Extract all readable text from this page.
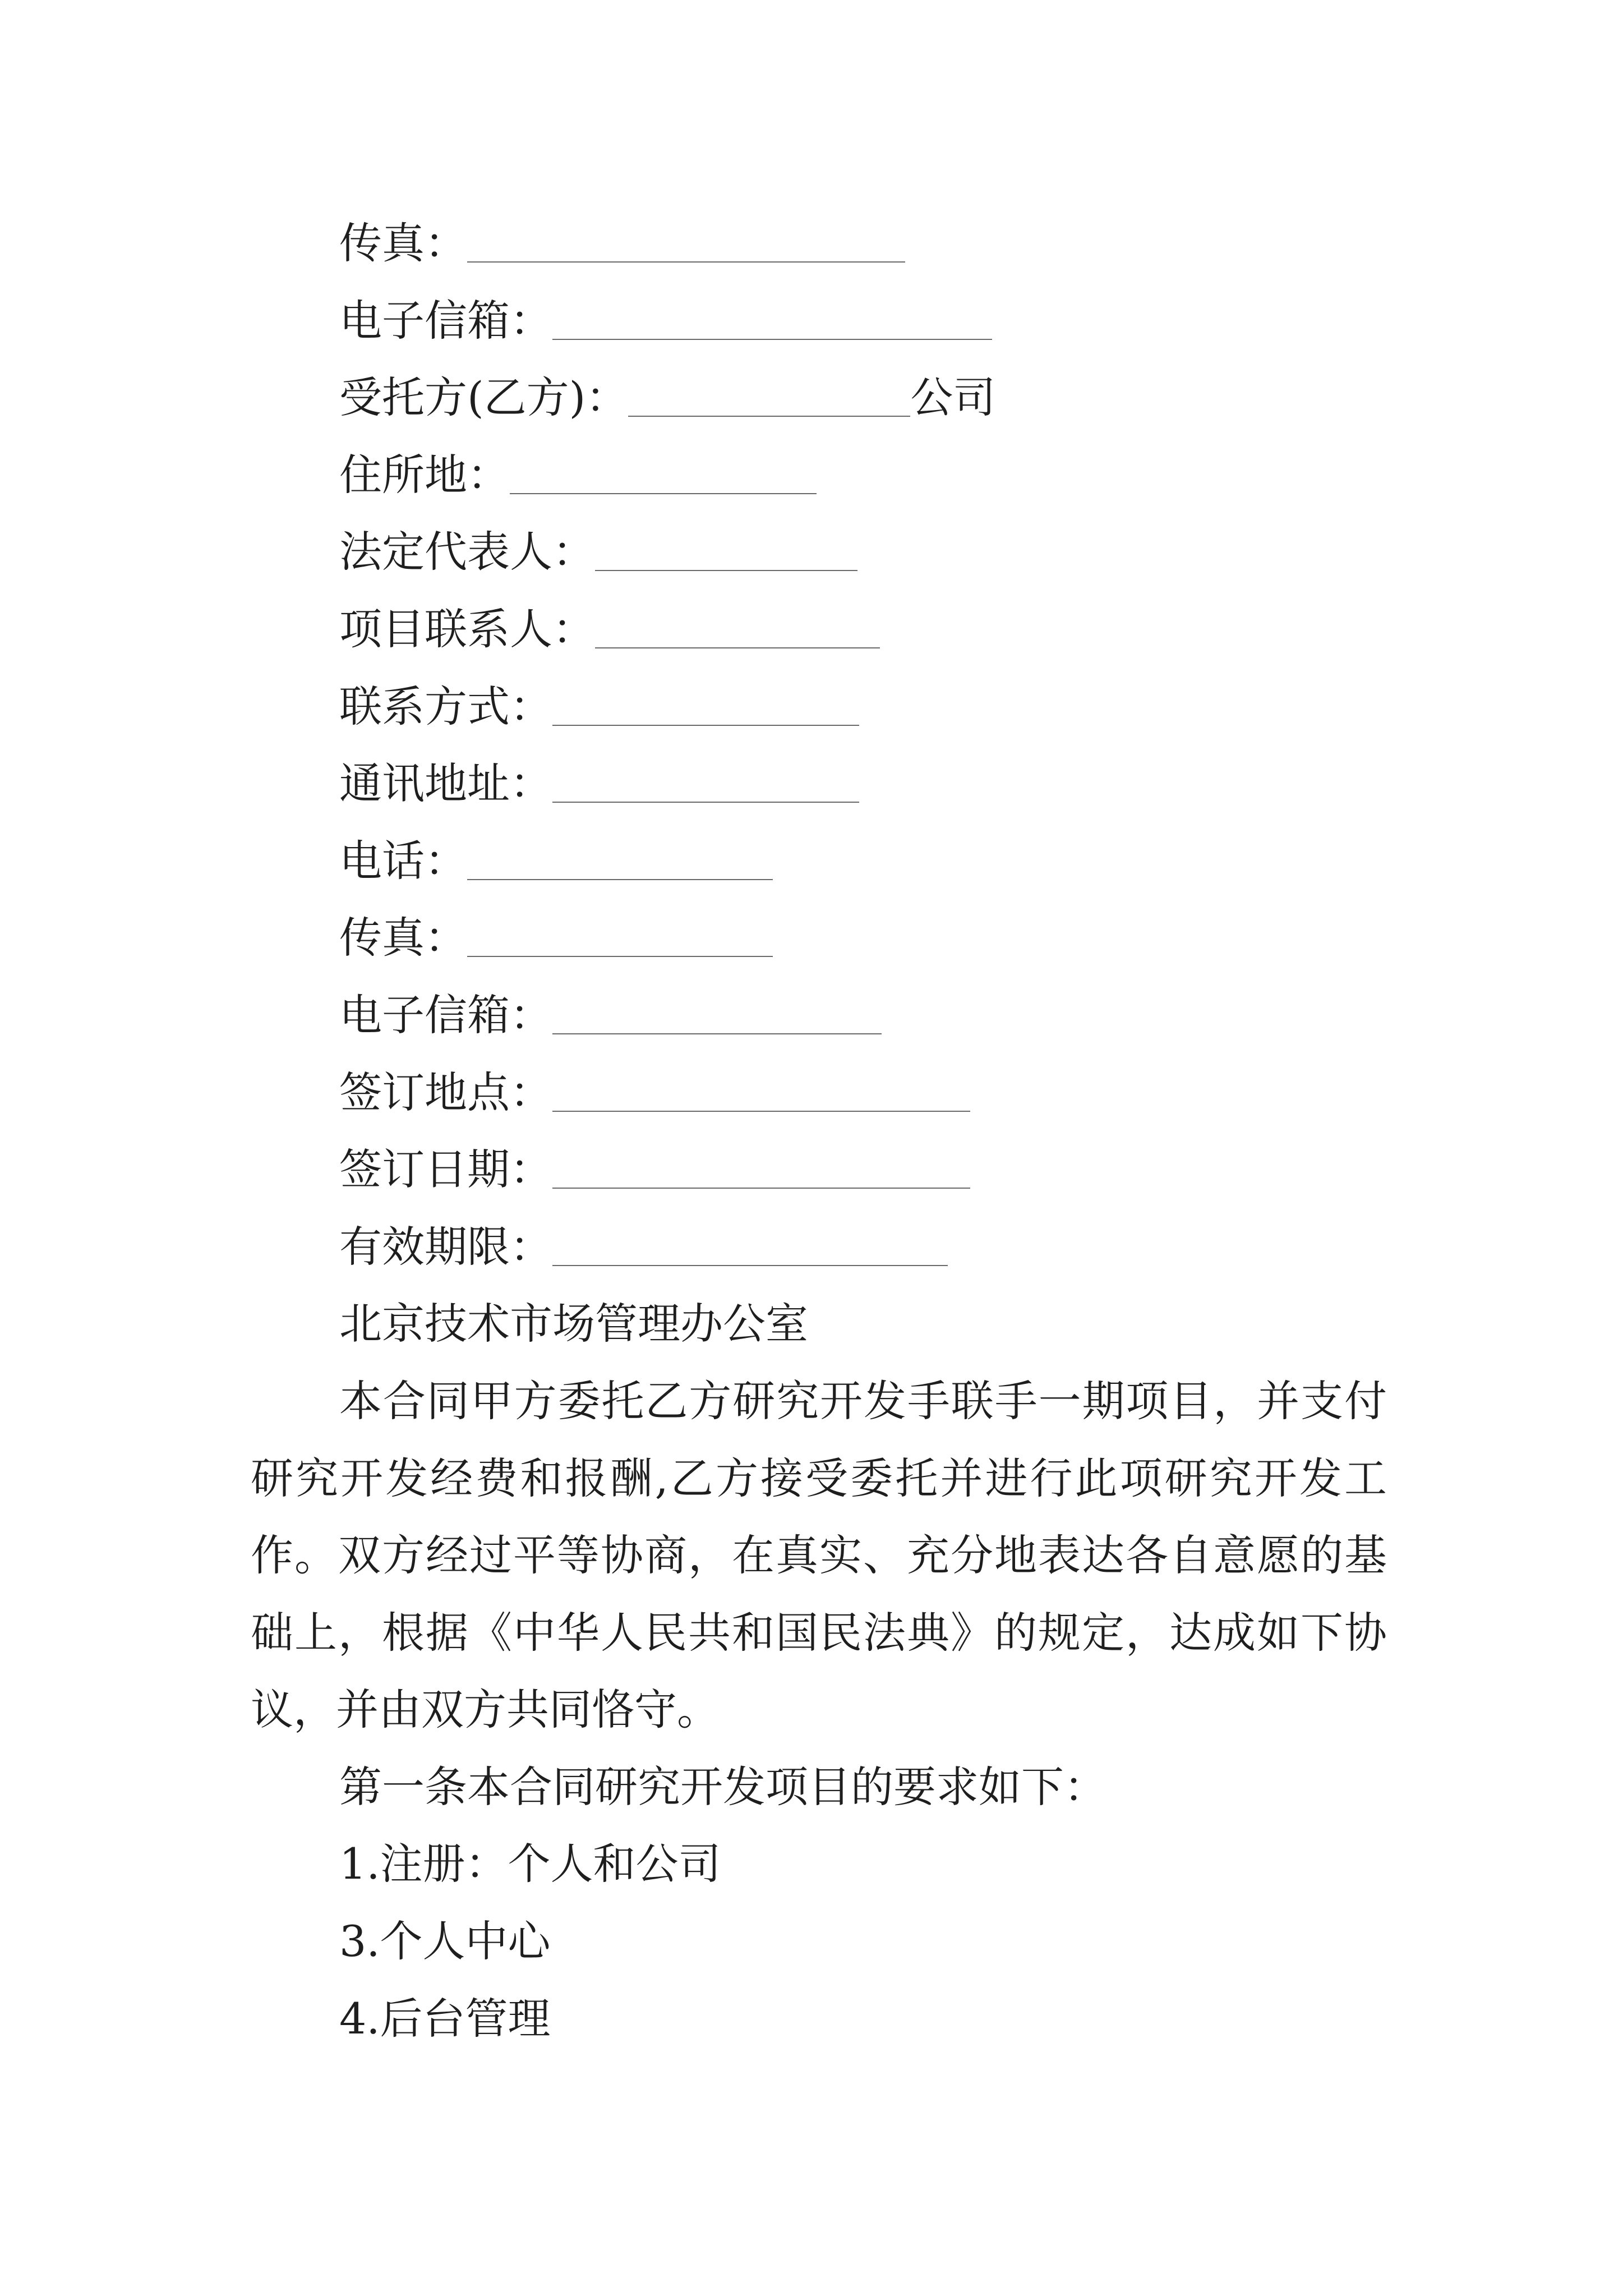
传真：
电子信箱：
受托方(乙方)：	公司
住所地：
法定代表人：
项目联系人：
联系方式：
通讯地址：
电话：
传真：
电子信箱：
签订地点：
签订日期：
有效期限：
北京技术市场管理办公室
本合同甲方委托乙方研究开发手联手一期项目，并支付
研究开发经费和报酬,乙方接受委托并进行此项研究开发工
作。双方经过平等协商，在真实、充分地表达各自意愿的基
础上，根据《中华人民共和国民法典》的规定，达成如下协
议，并由双方共同恪守。
第一条本合同研究开发项目的要求如下：
1.注册：个人和公司
3.个人中心
4.后台管理
